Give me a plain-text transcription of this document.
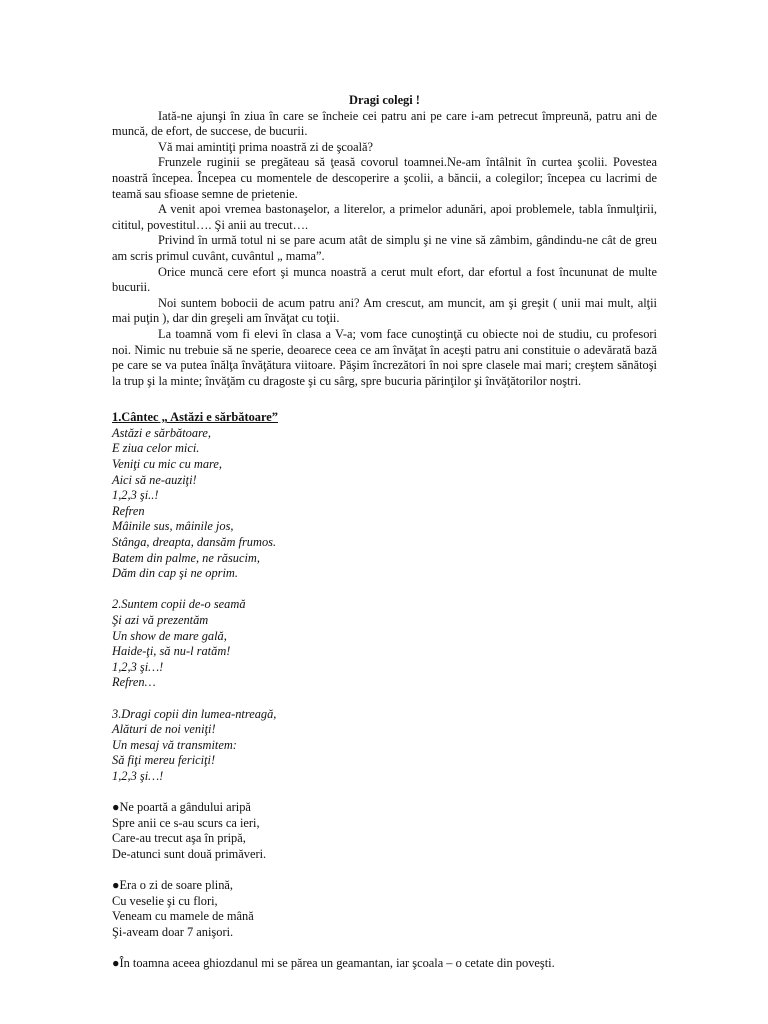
Dragi colegi !

Iată-ne ajunşi în ziua în care se încheie cei patru ani pe care i-am petrecut împreună, patru ani de muncă, de efort, de succese, de bucurii.

Vă mai amintiţi prima noastră zi de şcoală?

Frunzele ruginii se pregăteau să ţeasă covorul toamnei.Ne-am întâlnit în curtea şcolii. Povestea noastră începea. Începea cu momentele de descoperire a şcolii, a băncii, a colegilor; începea cu lacrimi de teamă sau sfioase semne de prietenie.

A venit apoi vremea bastonaşelor, a literelor, a primelor adunări, apoi problemele, tabla înmulţirii, cititul, povestitul…. Şi anii au trecut….

Privind în urmă totul ni se pare acum atât de simplu şi ne vine să zâmbim, gândindu-ne cât de greu am scris primul cuvânt, cuvântul „ mama”.

Orice muncă cere efort şi munca noastră a cerut mult efort, dar efortul a fost încununat de multe bucurii.

Noi suntem bobocii de acum patru ani? Am crescut, am muncit, am şi greşit ( unii mai mult, alţii mai puţin ), dar din greşeli am învăţat cu toţii.

La toamnă vom fi elevi în clasa a V-a; vom face cunoştinţă cu obiecte noi de studiu, cu profesori noi. Nimic nu trebuie să ne sperie, deoarece ceea ce am învăţat în aceşti patru ani constituie o adevărată bază pe care se va putea înălţa învăţătura viitoare. Păşim încrezători în noi spre clasele mai mari; creştem sănătoşi la trup şi la minte; învăţăm cu dragoste şi cu sârg, spre bucuria părinţilor şi învăţătorilor noştri.

1.Cântec „ Astăzi e sărbătoare”

Astăzi e sărbătoare,

E ziua celor mici.

Veniţi cu mic cu mare,

Aici să ne-auziţi!

1,2,3 şi..!

Refren

Mâinile sus, mâinile jos,

Stânga, dreapta, dansăm frumos.

Batem din palme, ne răsucim,

Dăm din cap şi ne oprim.

2.Suntem copii de-o seamă

Şi azi vă prezentăm

Un show de mare gală,

Haide-ţi, să nu-l ratăm!

1,2,3 şi…!

Refren…

3.Dragi copii din lumea-ntreagă,

Alături de noi veniţi!

Un mesaj vă transmitem:

Să fiţi mereu fericiţi!

1,2,3 şi…!

●Ne poartă a gândului aripă

Spre anii ce s-au scurs ca ieri,

Care-au trecut aşa în pripă,

De-atunci sunt două primăveri.

●Era o zi de soare plină,

Cu veselie şi cu flori,

Veneam cu mamele de mână

Şi-aveam doar 7 anişori.

●În toamna aceea ghiozdanul mi se părea un geamantan, iar şcoala – o cetate din poveşti.
